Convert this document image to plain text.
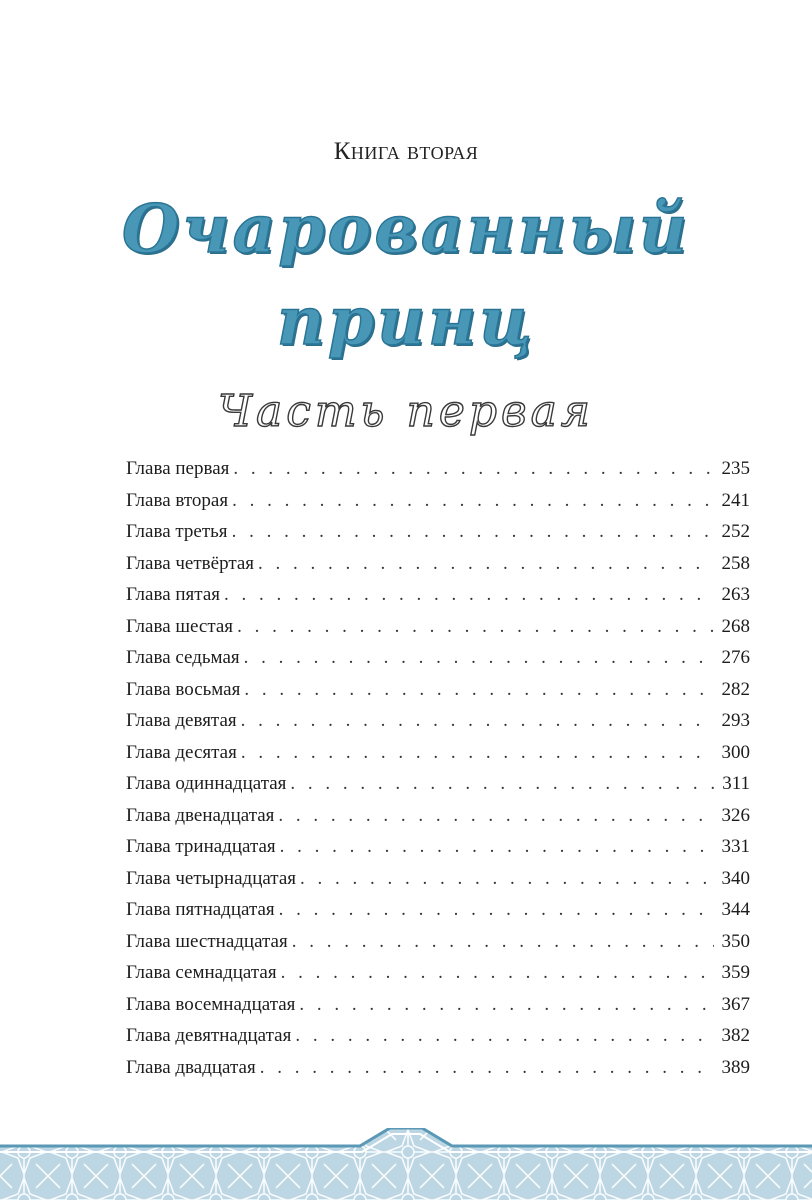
Книга вторая
Очарованный
принц
Часть первая
Глава первая . . .	235
Глава вторая . . .	241
Глава третья . . .	252
Глава четвёртая . . .	258
Глава пятая . . .	263
Глава шестая . . .	268
Глава седьмая . . .	276
Глава восьмая . . .	282
Глава девятая . . .	293
Глава десятая . . .	300
Глава одиннадцатая . . .	311
Глава двенадцатая . . .	326
Глава тринадцатая . . .	331
Глава четырнадцатая . . .	340
Глава пятнадцатая . . .	344
Глава шестнадцатая . . .	350
Глава семнадцатая . . .	359
Глава восемнадцатая . . .	367
Глава девятнадцатая . . .	382
Глава двадцатая . . .	389
